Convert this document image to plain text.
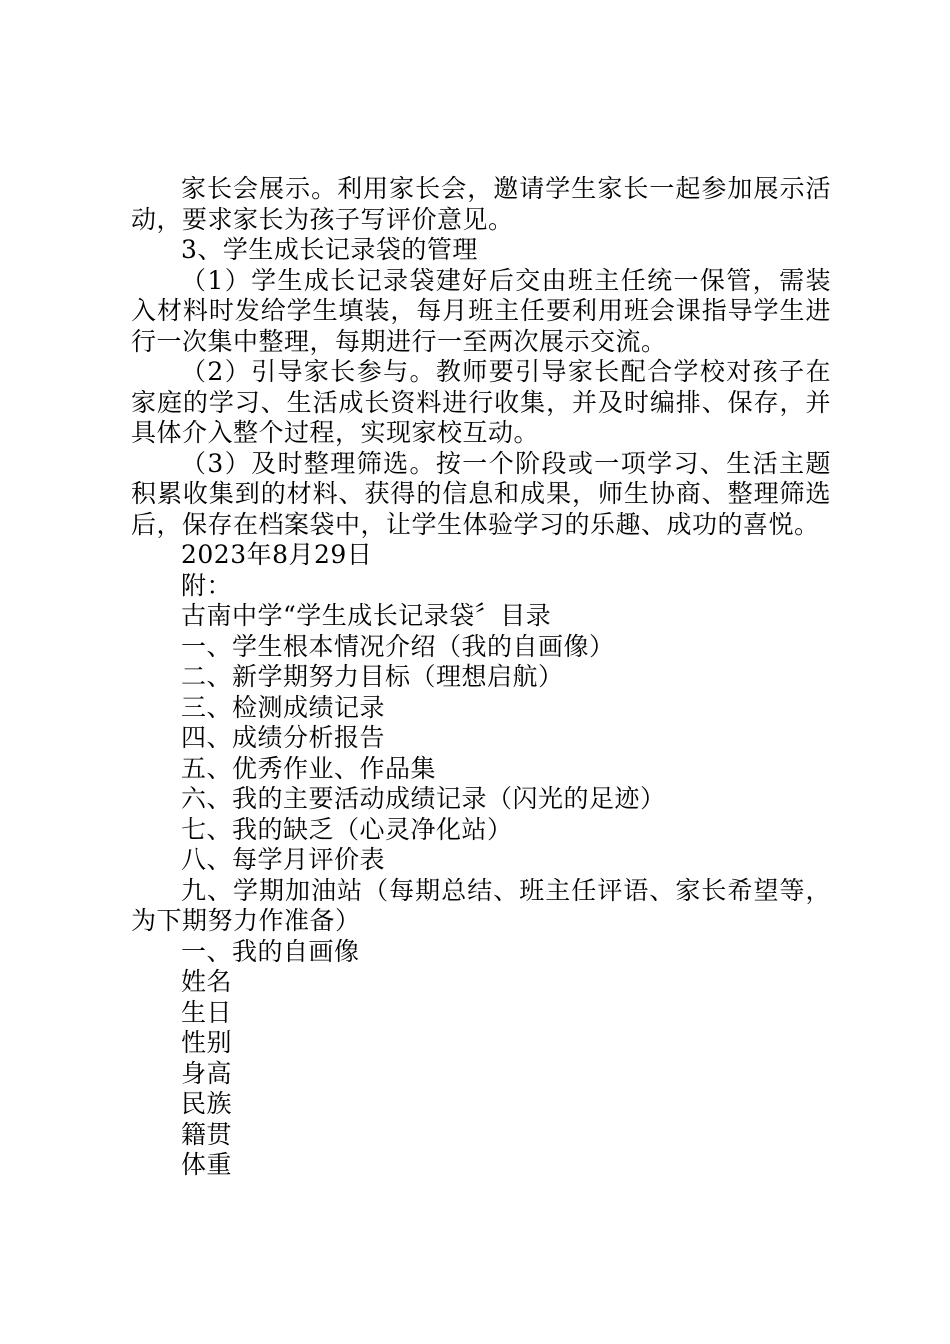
家长会展示。利用家长会，邀请学生家长一起参加展示活动，要求家长为孩子写评价意见。

3、学生成长记录袋的管理

（1）学生成长记录袋建好后交由班主任统一保管，需装入材料时发给学生填装，每月班主任要利用班会课指导学生进行一次集中整理，每期进行一至两次展示交流。

（2）引导家长参与。教师要引导家长配合学校对孩子在家庭的学习、生活成长资料进行收集，并及时编排、保存，并具体介入整个过程，实现家校互动。

（3）及时整理筛选。按一个阶段或一项学习、生活主题积累收集到的材料、获得的信息和成果，师生协商、整理筛选后，保存在档案袋中，让学生体验学习的乐趣、成功的喜悦。

2023年8月29日

附：

古南中学“学生成长记录袋〞目录

一、学生根本情况介绍（我的自画像）

二、新学期努力目标（理想启航）

三、检测成绩记录

四、成绩分析报告

五、优秀作业、作品集

六、我的主要活动成绩记录（闪光的足迹）

七、我的缺乏（心灵净化站）

八、每学月评价表

九、学期加油站（每期总结、班主任评语、家长希望等，为下期努力作准备）

一、我的自画像

姓名

生日

性别

身高

民族

籍贯

体重
